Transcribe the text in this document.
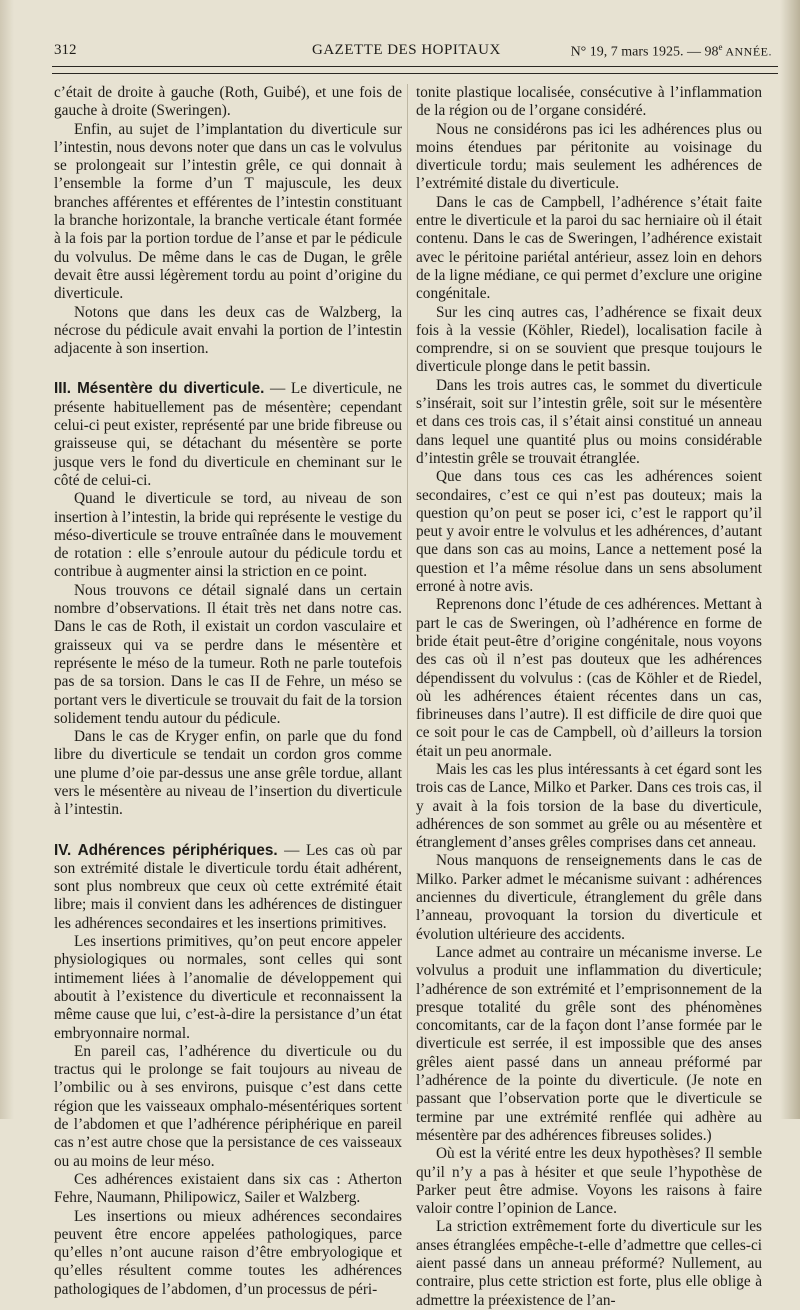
312	GAZETTE DES HOPITAUX	N° 19, 7 mars 1925. — 98e ANNÉE.

c’était de droite à gauche (Roth, Guibé), et une fois de gauche à droite (Sweringen).

Enfin, au sujet de l’implantation du diverticule sur l’intestin, nous devons noter que dans un cas le volvulus se prolongeait sur l’intestin grêle, ce qui donnait à l’ensemble la forme d’un T majuscule, les deux branches afférentes et efférentes de l’intestin constituant la branche horizontale, la branche verticale étant formée à la fois par la portion tordue de l’anse et par le pédicule du volvulus. De même dans le cas de Dugan, le grêle devait être aussi légèrement tordu au point d’origine du diverticule.

Notons que dans les deux cas de Walzberg, la nécrose du pédicule avait envahi la portion de l’intestin adjacente à son insertion.

III. Mésentère du diverticule. — Le diverticule, ne présente habituellement pas de mésentère; cependant celui-ci peut exister, représenté par une bride fibreuse ou graisseuse qui, se détachant du mésentère se porte jusque vers le fond du diverticule en cheminant sur le côté de celui-ci.

Quand le diverticule se tord, au niveau de son insertion à l’intestin, la bride qui représente le vestige du méso-diverticule se trouve entraînée dans le mouvement de rotation : elle s’enroule autour du pédicule tordu et contribue à augmenter ainsi la striction en ce point.

Nous trouvons ce détail signalé dans un certain nombre d’observations. Il était très net dans notre cas. Dans le cas de Roth, il existait un cordon vasculaire et graisseux qui va se perdre dans le mésentère et représente le méso de la tumeur. Roth ne parle toutefois pas de sa torsion. Dans le cas II de Fehre, un méso se portant vers le diverticule se trouvait du fait de la torsion solidement tendu autour du pédicule.

Dans le cas de Kryger enfin, on parle que du fond libre du diverticule se tendait un cordon gros comme une plume d’oie par-dessus une anse grêle tordue, allant vers le mésentère au niveau de l’insertion du diverticule à l’intestin.

IV. Adhérences périphériques. — Les cas où par son extrémité distale le diverticule tordu était adhérent, sont plus nombreux que ceux où cette extrémité était libre; mais il convient dans les adhérences de distinguer les adhérences secondaires et les insertions primitives.

Les insertions primitives, qu’on peut encore appeler physiologiques ou normales, sont celles qui sont intimement liées à l’anomalie de développement qui aboutit à l’existence du diverticule et reconnaissent la même cause que lui, c’est-à-dire la persistance d’un état embryonnaire normal.

En pareil cas, l’adhérence du diverticule ou du tractus qui le prolonge se fait toujours au niveau de l’ombilic ou à ses environs, puisque c’est dans cette région que les vaisseaux omphalo-mésentériques sortent de l’abdomen et que l’adhérence périphérique en pareil cas n’est autre chose que la persistance de ces vaisseaux ou au moins de leur méso.

Ces adhérences existaient dans six cas : Atherton Fehre, Naumann, Philipowicz, Sailer et Walzberg.

Les insertions ou mieux adhérences secondaires peuvent être encore appelées pathologiques, parce qu’elles n’ont aucune raison d’être embryologique et qu’elles résultent comme toutes les adhérences pathologiques de l’abdomen, d’un processus de péri-

tonite plastique localisée, consécutive à l’inflammation de la région ou de l’organe considéré.

Nous ne considérons pas ici les adhérences plus ou moins étendues par péritonite au voisinage du diverticule tordu; mais seulement les adhérences de l’extrémité distale du diverticule.

Dans le cas de Campbell, l’adhérence s’était faite entre le diverticule et la paroi du sac herniaire où il était contenu. Dans le cas de Sweringen, l’adhérence existait avec le péritoine pariétal antérieur, assez loin en dehors de la ligne médiane, ce qui permet d’exclure une origine congénitale.

Sur les cinq autres cas, l’adhérence se fixait deux fois à la vessie (Köhler, Riedel), localisation facile à comprendre, si on se souvient que presque toujours le diverticule plonge dans le petit bassin.

Dans les trois autres cas, le sommet du diverticule s’insérait, soit sur l’intestin grêle, soit sur le mésentère et dans ces trois cas, il s’était ainsi constitué un anneau dans lequel une quantité plus ou moins considérable d’intestin grêle se trouvait étranglée.

Que dans tous ces cas les adhérences soient secondaires, c’est ce qui n’est pas douteux; mais la question qu’on peut se poser ici, c’est le rapport qu’il peut y avoir entre le volvulus et les adhérences, d’autant que dans son cas au moins, Lance a nettement posé la question et l’a même résolue dans un sens absolument erroné à notre avis.

Reprenons donc l’étude de ces adhérences. Mettant à part le cas de Sweringen, où l’adhérence en forme de bride était peut-être d’origine congénitale, nous voyons des cas où il n’est pas douteux que les adhérences dépendissent du volvulus : (cas de Köhler et de Riedel, où les adhérences étaient récentes dans un cas, fibrineuses dans l’autre). Il est difficile de dire quoi que ce soit pour le cas de Campbell, où d’ailleurs la torsion était un peu anormale.

Mais les cas les plus intéressants à cet égard sont les trois cas de Lance, Milko et Parker. Dans ces trois cas, il y avait à la fois torsion de la base du diverticule, adhérences de son sommet au grêle ou au mésentère et étranglement d’anses grêles comprises dans cet anneau.

Nous manquons de renseignements dans le cas de Milko. Parker admet le mécanisme suivant : adhérences anciennes du diverticule, étranglement du grêle dans l’anneau, provoquant la torsion du diverticule et évolution ultérieure des accidents.

Lance admet au contraire un mécanisme inverse. Le volvulus a produit une inflammation du diverticule; l’adhérence de son extrémité et l’emprisonnement de la presque totalité du grêle sont des phénomènes concomitants, car de la façon dont l’anse formée par le diverticule est serrée, il est impossible que des anses grêles aient passé dans un anneau préformé par l’adhérence de la pointe du diverticule. (Je note en passant que l’observation porte que le diverticule se termine par une extrémité renflée qui adhère au mésentère par des adhérences fibreuses solides.)

Où est la vérité entre les deux hypothèses? Il semble qu’il n’y a pas à hésiter et que seule l’hypothèse de Parker peut être admise. Voyons les raisons à faire valoir contre l’opinion de Lance.

La striction extrêmement forte du diverticule sur les anses étranglées empêche-t-elle d’admettre que celles-ci aient passé dans un anneau préformé? Nullement, au contraire, plus cette striction est forte, plus elle oblige à admettre la préexistence de l’an-
